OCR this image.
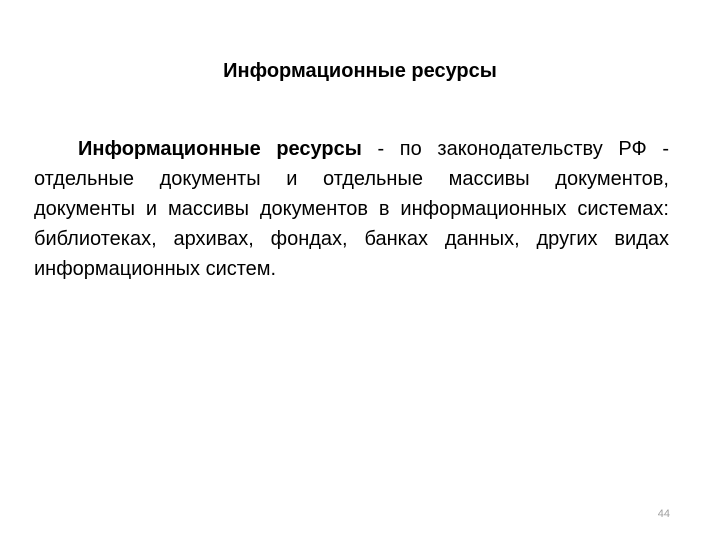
Информационные ресурсы

Информационные ресурсы - по законодательству РФ - отдельные документы и отдельные массивы документов, документы и массивы документов в информационных системах: библиотеках, архивах, фондах, банках данных, других видах информационных систем.

44
